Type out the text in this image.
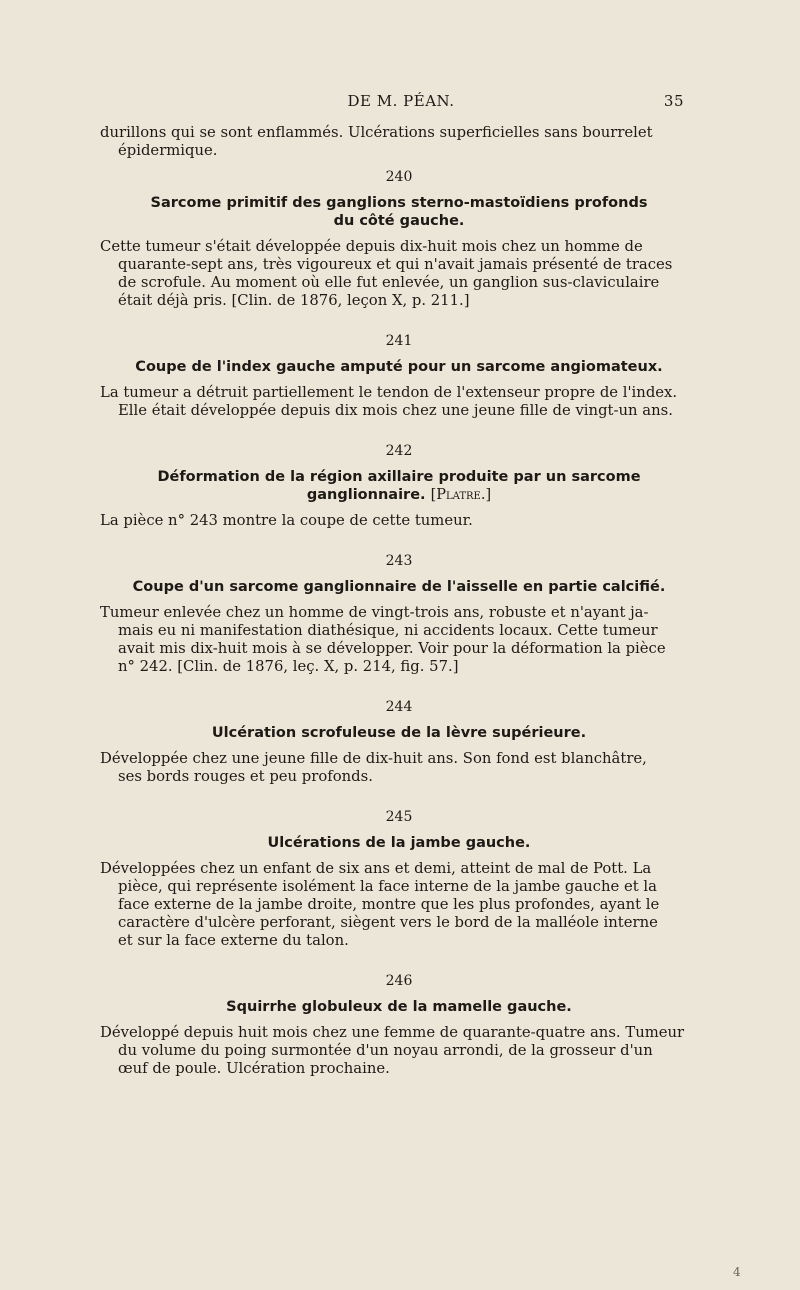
DE M. PÉAN.	35

durillons qui se sont enflammés. Ulcérations superficielles sans bourrelet

épidermique.

240
Sarcome primitif des ganglions sterno-mastoïdiens profonds
du côté gauche.

Cette tumeur s'était développée depuis dix-huit mois chez un homme de

quarante-sept ans, très vigoureux et qui n'avait jamais présenté de traces

de scrofule. Au moment où elle fut enlevée, un ganglion sus-claviculaire

était déjà pris. [Clin. de 1876, leçon X, p. 211.]

241
Coupe de l'index gauche amputé pour un sarcome angiomateux.

La tumeur a détruit partiellement le tendon de l'extenseur propre de l'index.

Elle était développée depuis dix mois chez une jeune fille de vingt-un ans.

242
Déformation de la région axillaire produite par un sarcome
ganglionnaire. [Platre.]

La pièce n° 243 montre la coupe de cette tumeur.

243
Coupe d'un sarcome ganglionnaire de l'aisselle en partie calcifié.

Tumeur enlevée chez un homme de vingt-trois ans, robuste et n'ayant ja-

mais eu ni manifestation diathésique, ni accidents locaux. Cette tumeur

avait mis dix-huit mois à se développer. Voir pour la déformation la pièce

n° 242. [Clin. de 1876, leç. X, p. 214, fig. 57.]

244
Ulcération scrofuleuse de la lèvre supérieure.

Développée chez une jeune fille de dix-huit ans. Son fond est blanchâtre,

ses bords rouges et peu profonds.

245
Ulcérations de la jambe gauche.

Développées chez un enfant de six ans et demi, atteint de mal de Pott. La

pièce, qui représente isolément la face interne de la jambe gauche et la

face externe de la jambe droite, montre que les plus profondes, ayant le

caractère d'ulcère perforant, siègent vers le bord de la malléole interne

et sur la face externe du talon.

246
Squirrhe globuleux de la mamelle gauche.

Développé depuis huit mois chez une femme de quarante-quatre ans. Tumeur

du volume du poing surmontée d'un noyau arrondi, de la grosseur d'un

œuf de poule. Ulcération prochaine.

4
